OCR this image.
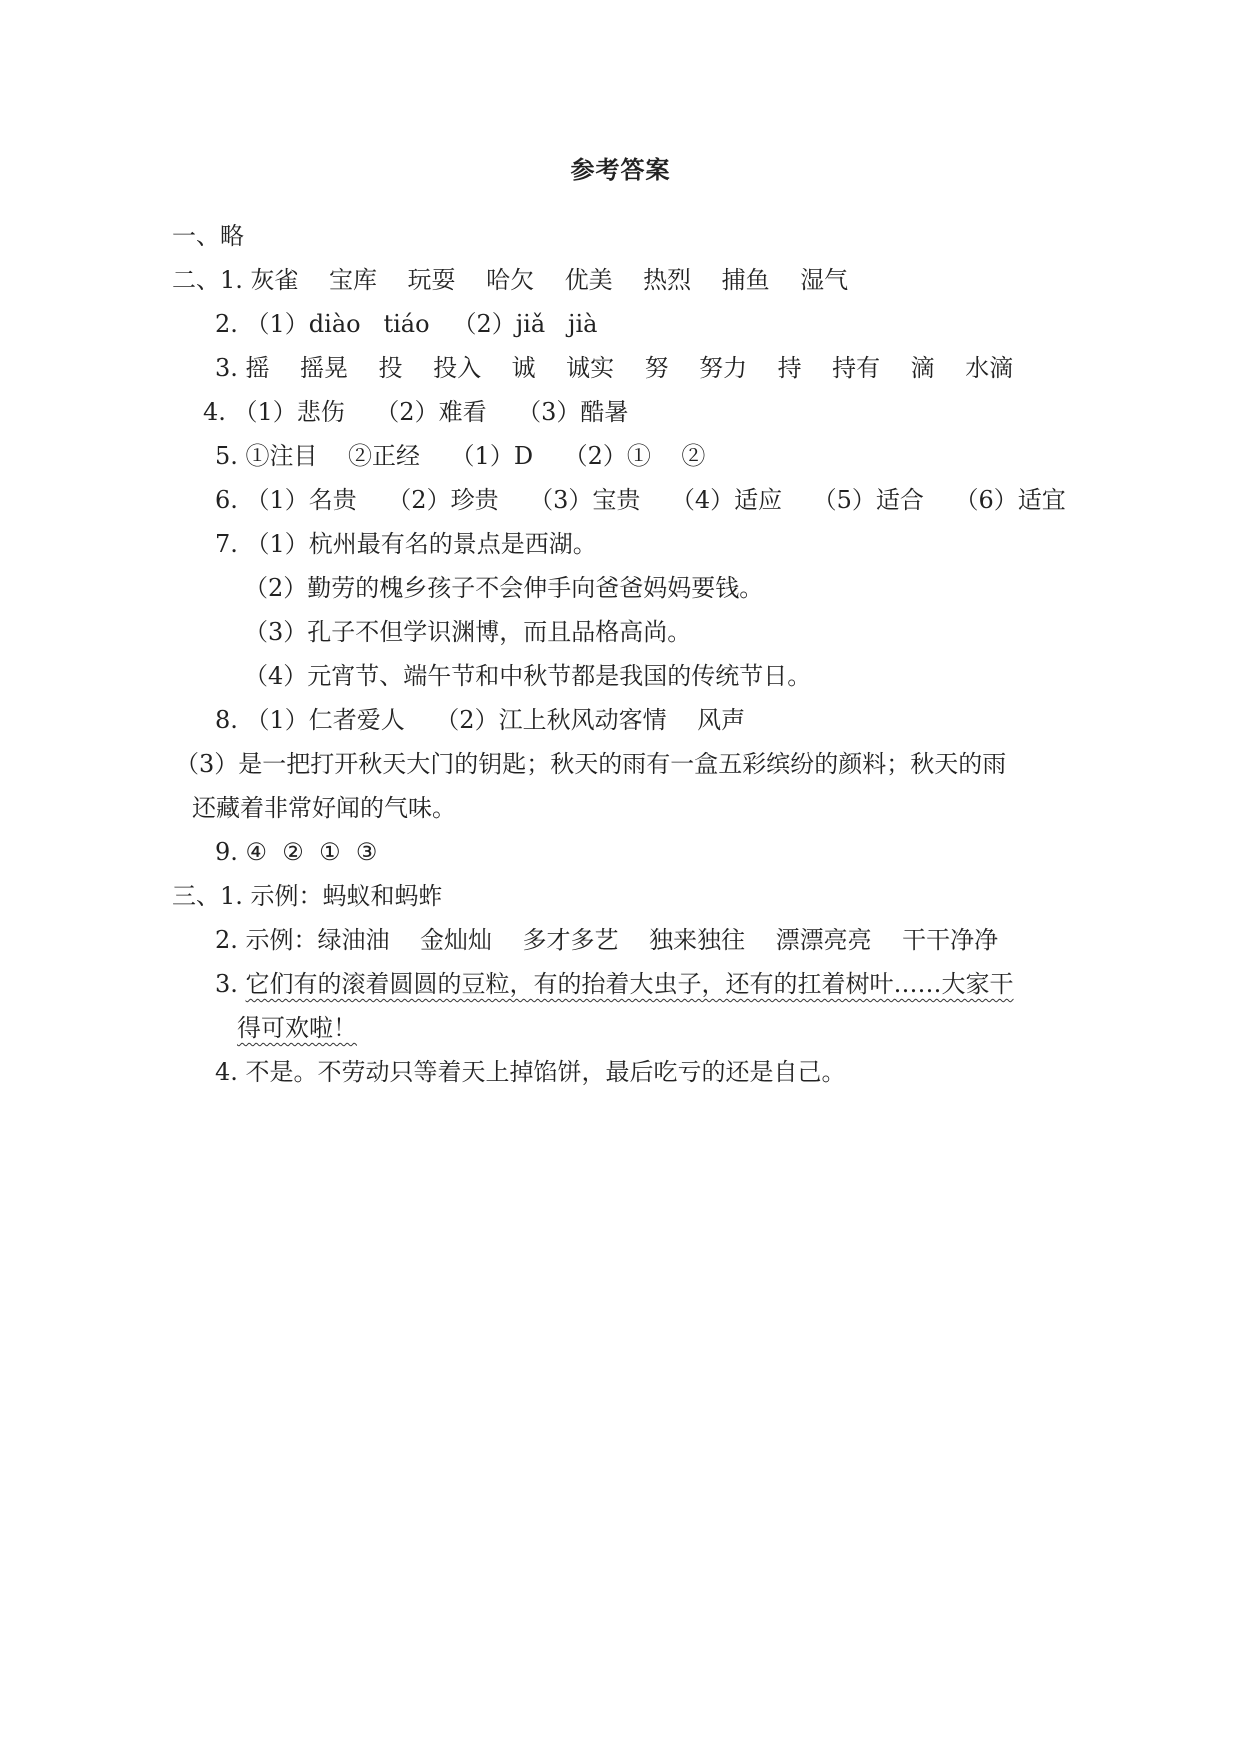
参考答案
一、略
二、1. 灰雀    宝库    玩耍    哈欠    优美    热烈    捕鱼    湿气
2. （1）diào   tiáo   （2）jiǎ   jià
3. 摇    摇晃    投    投入    诚    诚实    努    努力    持    持有    滴    水滴
4. （1）悲伤    （2）难看    （3）酷暑
5. ①注目    ②正经    （1）D    （2）①    ②
6. （1）名贵    （2）珍贵    （3）宝贵    （4）适应    （5）适合    （6）适宜
7. （1）杭州最有名的景点是西湖。
（2）勤劳的槐乡孩子不会伸手向爸爸妈妈要钱。
（3）孔子不但学识渊博，而且品格高尚。
（4）元宵节、端午节和中秋节都是我国的传统节日。
8. （1）仁者爱人    （2）江上秋风动客情    风声
（3）是一把打开秋天大门的钥匙；秋天的雨有一盒五彩缤纷的颜料；秋天的雨
还藏着非常好闻的气味。
9. ④  ②  ①  ③
三、1. 示例：蚂蚁和蚂蚱
2. 示例：绿油油    金灿灿    多才多艺    独来独往    漂漂亮亮    干干净净
3. 它们有的滚着圆圆的豆粒，有的抬着大虫子，还有的扛着树叶……大家干
得可欢啦！
4. 不是。不劳动只等着天上掉馅饼，最后吃亏的还是自己。
